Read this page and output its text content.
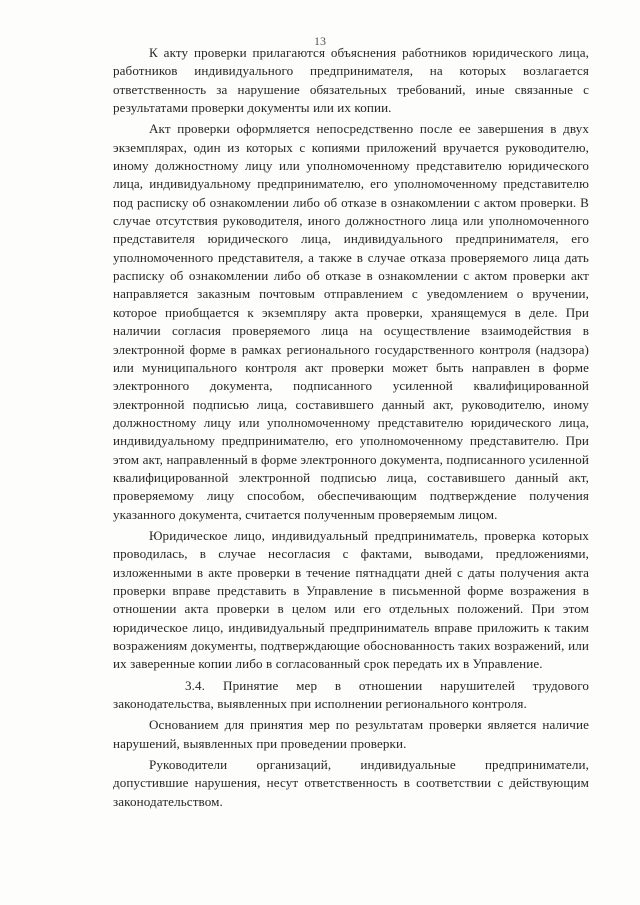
13

К акту проверки прилагаются объяснения работников юридического лица, работников индивидуального предпринимателя, на которых возлагается ответственность за нарушение обязательных требований, иные связанные с результатами проверки документы или их копии.

Акт проверки оформляется непосредственно после ее завершения в двух экземплярах, один из которых с копиями приложений вручается руководителю, иному должностному лицу или уполномоченному представителю юридического лица, индивидуальному предпринимателю, его уполномоченному представителю под расписку об ознакомлении либо об отказе в ознакомлении с актом проверки. В случае отсутствия руководителя, иного должностного лица или уполномоченного представителя юридического лица, индивидуального предпринимателя, его уполномоченного представителя, а также в случае отказа проверяемого лица дать расписку об ознакомлении либо об отказе в ознакомлении с актом проверки акт направляется заказным почтовым отправлением с уведомлением о вручении, которое приобщается к экземпляру акта проверки, хранящемуся в деле. При наличии согласия проверяемого лица на осуществление взаимодействия в электронной форме в рамках регионального государственного контроля (надзора) или муниципального контроля акт проверки может быть направлен в форме электронного документа, подписанного усиленной квалифицированной электронной подписью лица, составившего данный акт, руководителю, иному должностному лицу или уполномоченному представителю юридического лица, индивидуальному предпринимателю, его уполномоченному представителю. При этом акт, направленный в форме электронного документа, подписанного усиленной квалифицированной электронной подписью лица, составившего данный акт, проверяемому лицу способом, обеспечивающим подтверждение получения указанного документа, считается полученным проверяемым лицом.

Юридическое лицо, индивидуальный предприниматель, проверка которых проводилась, в случае несогласия с фактами, выводами, предложениями, изложенными в акте проверки в течение пятнадцати дней с даты получения акта проверки вправе представить в Управление в письменной форме возражения в отношении акта проверки в целом или его отдельных положений. При этом юридическое лицо, индивидуальный предприниматель вправе приложить к таким возражениям документы, подтверждающие обоснованность таких возражений, или их заверенные копии либо в согласованный срок передать их в Управление.

3.4. Принятие мер в отношении нарушителей трудового законодательства, выявленных при исполнении регионального контроля.

Основанием для принятия мер по результатам проверки является наличие нарушений, выявленных при проведении проверки.

Руководители организаций, индивидуальные предприниматели, допустившие нарушения, несут ответственность в соответствии с действующим законодательством.
